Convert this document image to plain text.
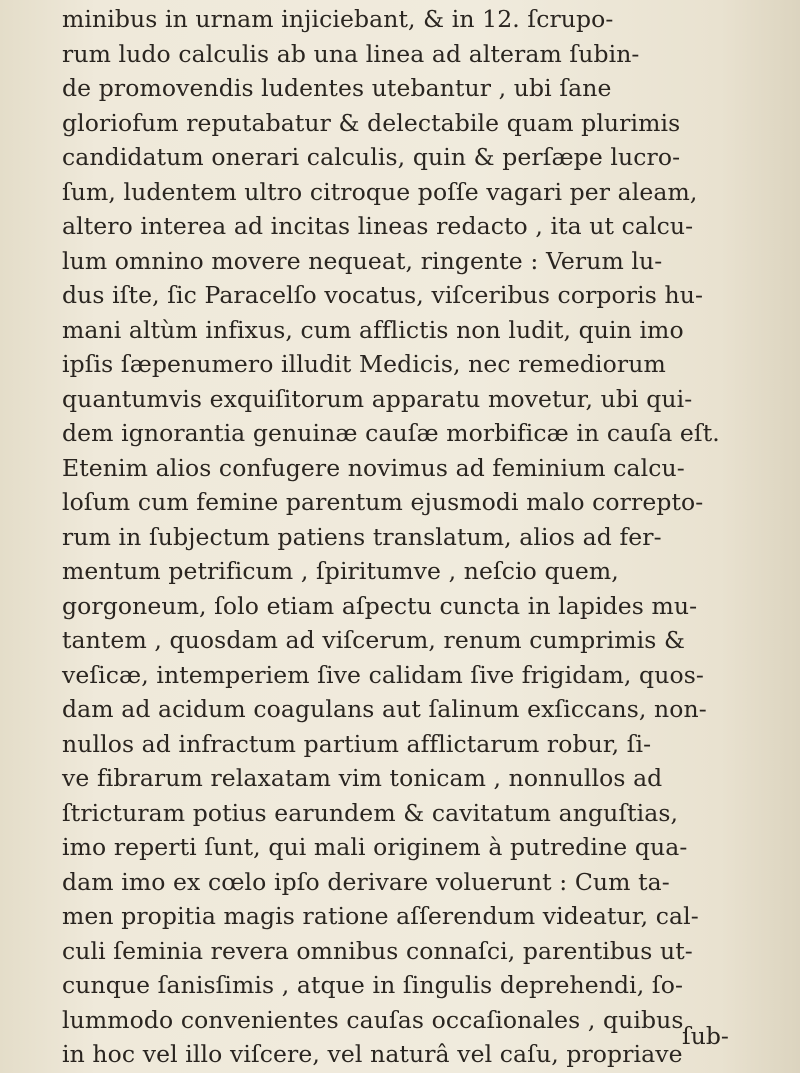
minibus in urnam injiciebant, & in 12. ſcrupo-
rum ludo calculis ab una linea ad alteram ſubin-
de promovendis ludentes utebantur , ubi ſane
gloriofum reputabatur & delectabile quam plurimis
candidatum onerari calculis, quin & perſæpe lucro-
ſum, ludentem ultro citroque poſſe vagari per aleam,
altero interea ad incitas lineas redacto , ita ut calcu-
lum omnino movere nequeat, ringente : Verum lu-
dus iſte, ſic Paracelſo vocatus, viſceribus corporis hu-
mani altùm infixus, cum afflictis non ludit, quin imo
ipſis ſæpenumero illudit Medicis, nec remediorum
quantumvis exquiſitorum apparatu movetur, ubi qui-
dem ignorantia genuinæ cauſæ morbificæ in cauſa eſt.
Etenim alios confugere novimus ad feminium calcu-
loſum cum femine parentum ejusmodi malo correpto-
rum in ſubjectum patiens translatum, alios ad fer-
mentum petrificum , ſpiritumve , neſcio quem,
gorgoneum, ſolo etiam aſpectu cuncta in lapides mu-
tantem , quosdam ad viſcerum, renum cumprimis &
veſicæ, intemperiem ſive calidam ſive frigidam, quos-
dam ad acidum coagulans aut ſalinum exſiccans, non-
nullos ad infractum partium afflictarum robur, ſi-
ve fibrarum relaxatam vim tonicam , nonnullos ad
ſtricturam potius earundem & cavitatum anguſtias,
imo reperti ſunt, qui mali originem à putredine qua-
dam imo ex cœlo ipſo derivare voluerunt : Cum ta-
men propitia magis ratione aſſerendum videatur, cal-
culi ſeminia revera omnibus connaſci, parentibus ut-
cunque ſanisſimis , atque in ſingulis deprehendi, ſo-
lummodo convenientes cauſas occaſionales , quibus
in hoc vel illo viſcere, vel naturâ vel caſu, propriave
ſub-
